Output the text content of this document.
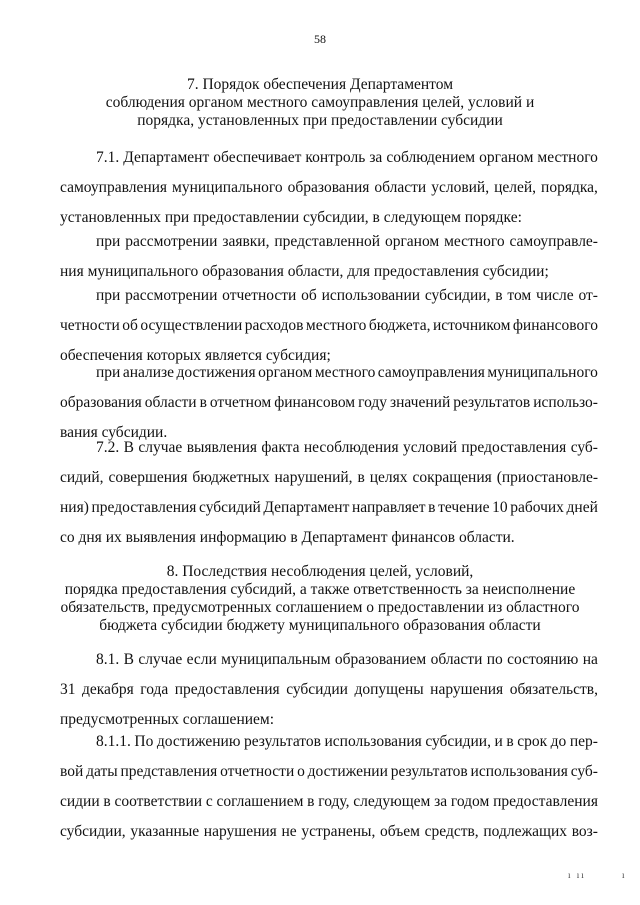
58
7. Порядок обеспечения Департаментом
соблюдения органом местного самоуправления целей, условий и
порядка, установленных при предоставлении субсидии
7.1. Департамент обеспечивает контроль за соблюдением органом местного
самоуправления муниципального образования области условий, целей, порядка,
установленных при предоставлении субсидии, в следующем порядке:
при рассмотрении заявки, представленной органом местного самоуправле-
ния муниципального образования области, для предоставления субсидии;
при рассмотрении отчетности об использовании субсидии, в том числе от-
четности об осуществлении расходов местного бюджета, источником финансового
обеспечения которых является субсидия;
при анализе достижения органом местного самоуправления муниципального
образования области в отчетном финансовом году значений результатов использо-
вания субсидии.
7.2. В случае выявления факта несоблюдения условий предоставления суб-
сидий, совершения бюджетных нарушений, в целях сокращения (приостановле-
ния) предоставления субсидий Департамент направляет в течение 10 рабочих дней
со дня их выявления информацию в Департамент финансов области.
8. Последствия несоблюдения целей, условий,
порядка предоставления субсидий, а также ответственность за неисполнение
обязательств, предусмотренных соглашением о предоставлении из областного
бюджета субсидии бюджету муниципального образования области
8.1. В случае если муниципальным образованием области по состоянию на
31 декабря года предоставления субсидии допущены нарушения обязательств,
предусмотренных соглашением:
8.1.1. По достижению результатов использования субсидии, и в срок до пер-
вой даты представления отчетности о достижении результатов использования суб-
сидии в соответствии с соглашением в году, следующем за годом предоставления
субсидии, указанные нарушения не устранены, объем средств, подлежащих воз-
ı ıı	ı
